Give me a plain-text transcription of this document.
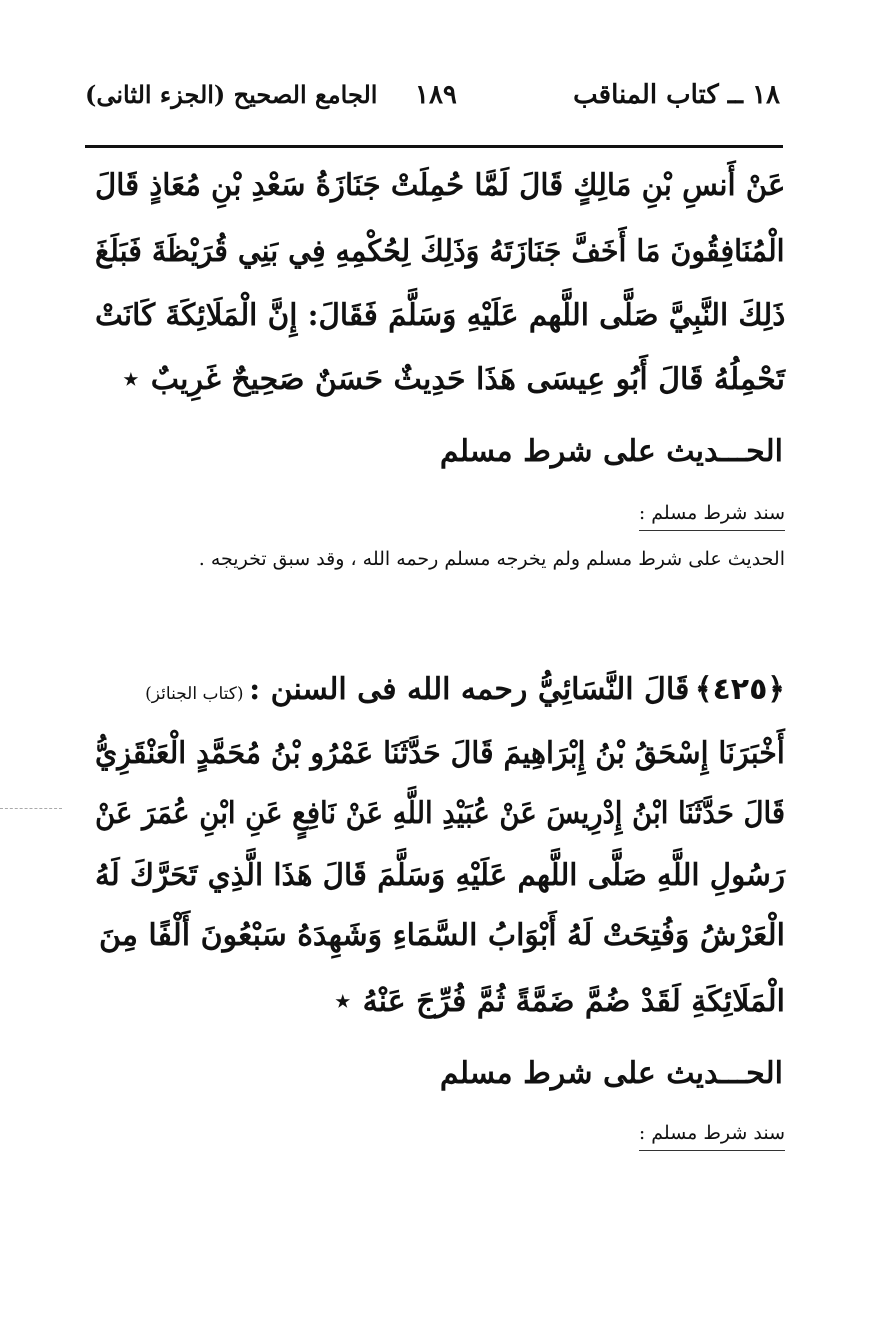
١٨ ــ كتاب المناقب
١٨٩
الجامع الصحيح (الجزء الثانى)
عَنْ أَنسِ بْنِ مَالِكٍ قَالَ لَمَّا حُمِلَتْ جَنَازَةُ سَعْدِ بْنِ مُعَاذٍ قَالَ
الْمُنَافِقُونَ مَا أَخَفَّ جَنَازَتَهُ وَذَلِكَ لِحُكْمِهِ فِي بَنِي قُرَيْظَةَ فَبَلَغَ
ذَلِكَ النَّبِيَّ صَلَّى اللَّهم عَلَيْهِ وَسَلَّمَ فَقَالَ: إِنَّ الْمَلَائِكَةَ كَانَتْ
تَحْمِلُهُ قَالَ أَبُو عِيسَى هَذَا حَدِيثٌ حَسَنٌ صَحِيحٌ غَرِيبٌ ⋆
الحـــديث على شرط مسلم
سند شرط مسلم :
الحديث على شرط مسلم ولم يخرجه مسلم رحمه الله ، وقد سبق تخريجه .
﴿٤٢٥﴾ قَالَ النَّسَائِيُّ رحمه الله فى السنن : (كتاب الجنائز)
أَخْبَرَنَا إِسْحَقُ بْنُ إِبْرَاهِيمَ قَالَ حَدَّثَنَا عَمْرُو بْنُ مُحَمَّدٍ الْعَنْقَزِيُّ
قَالَ حَدَّثَنَا ابْنُ إِدْرِيسَ عَنْ عُبَيْدِ اللَّهِ عَنْ نَافِعٍ عَنِ ابْنِ عُمَرَ عَنْ
رَسُولِ اللَّهِ صَلَّى اللَّهم عَلَيْهِ وَسَلَّمَ قَالَ هَذَا الَّذِي تَحَرَّكَ لَهُ
الْعَرْشُ وَفُتِحَتْ لَهُ أَبْوَابُ السَّمَاءِ وَشَهِدَهُ سَبْعُونَ أَلْفًا مِنَ
الْمَلَائِكَةِ لَقَدْ ضُمَّ ضَمَّةً ثُمَّ فُرِّجَ عَنْهُ ⋆
الحـــديث على شرط مسلم
سند شرط مسلم :
